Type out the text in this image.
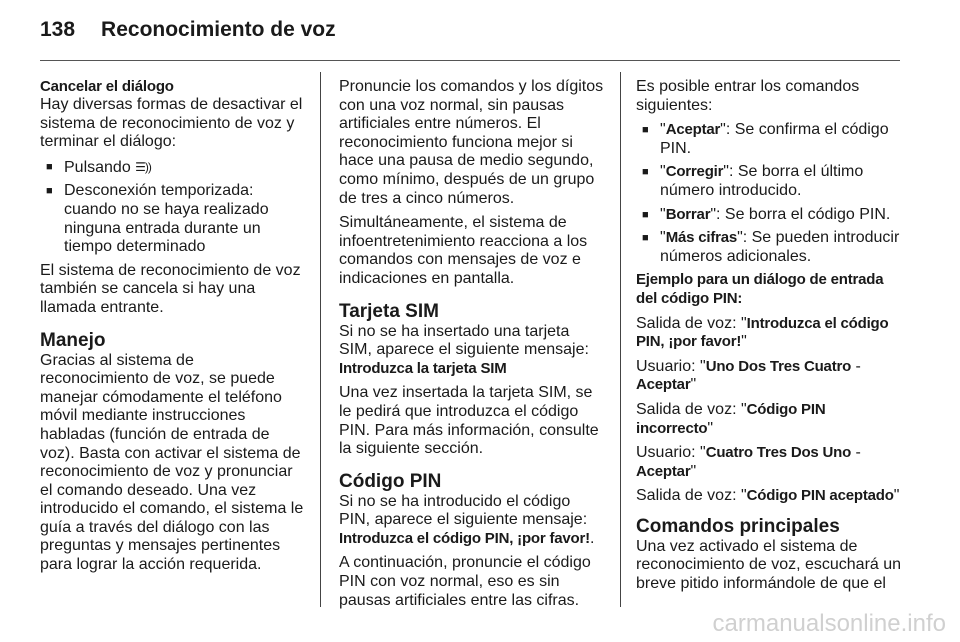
138 Reconocimiento de voz
Cancelar el diálogo

Hay diversas formas de desactivar el sistema de reconocimiento de voz y terminar el diálogo:

■ Pulsando ☰))
■ Desconexión temporizada: cuando no se haya realizado ninguna entrada durante un tiempo determinado

El sistema de reconocimiento de voz también se cancela si hay una llamada entrante.

Manejo

Gracias al sistema de reconocimiento de voz, se puede manejar cómodamente el teléfono móvil mediante instrucciones habladas (función de entrada de voz). Basta con activar el sistema de reconocimiento de voz y pronunciar el comando deseado. Una vez introducido el comando, el sistema le guía a través del diálogo con las preguntas y mensajes pertinentes para lograr la acción requerida.

Pronuncie los comandos y los dígitos con una voz normal, sin pausas artificiales entre números. El reconocimiento funciona mejor si hace una pausa de medio segundo, como mínimo, después de un grupo de tres a cinco números.

Simultáneamente, el sistema de infoentretenimiento reacciona a los comandos con mensajes de voz e indicaciones en pantalla.

Tarjeta SIM

Si no se ha insertado una tarjeta SIM, aparece el siguiente mensaje:

Introduzca la tarjeta SIM

Una vez insertada la tarjeta SIM, se le pedirá que introduzca el código PIN. Para más información, consulte la siguiente sección.

Código PIN

Si no se ha introducido el código PIN, aparece el siguiente mensaje:

Introduzca el código PIN, ¡por favor!.

A continuación, pronuncie el código PIN con voz normal, eso es sin pausas artificiales entre las cifras.

Es posible entrar los comandos siguientes:

■ "Aceptar": Se confirma el código PIN.
■ "Corregir": Se borra el último número introducido.
■ "Borrar": Se borra el código PIN.
■ "Más cifras": Se pueden introducir números adicionales.

Ejemplo para un diálogo de entrada del código PIN:

Salida de voz: "Introduzca el código PIN, ¡por favor!"

Usuario: "Uno Dos Tres Cuatro - Aceptar"

Salida de voz: "Código PIN incorrecto"

Usuario: "Cuatro Tres Dos Uno - Aceptar"

Salida de voz: "Código PIN aceptado"

Comandos principales

Una vez activado el sistema de reconocimiento de voz, escuchará un breve pitido informándole de que el

carmanualsonline.info
